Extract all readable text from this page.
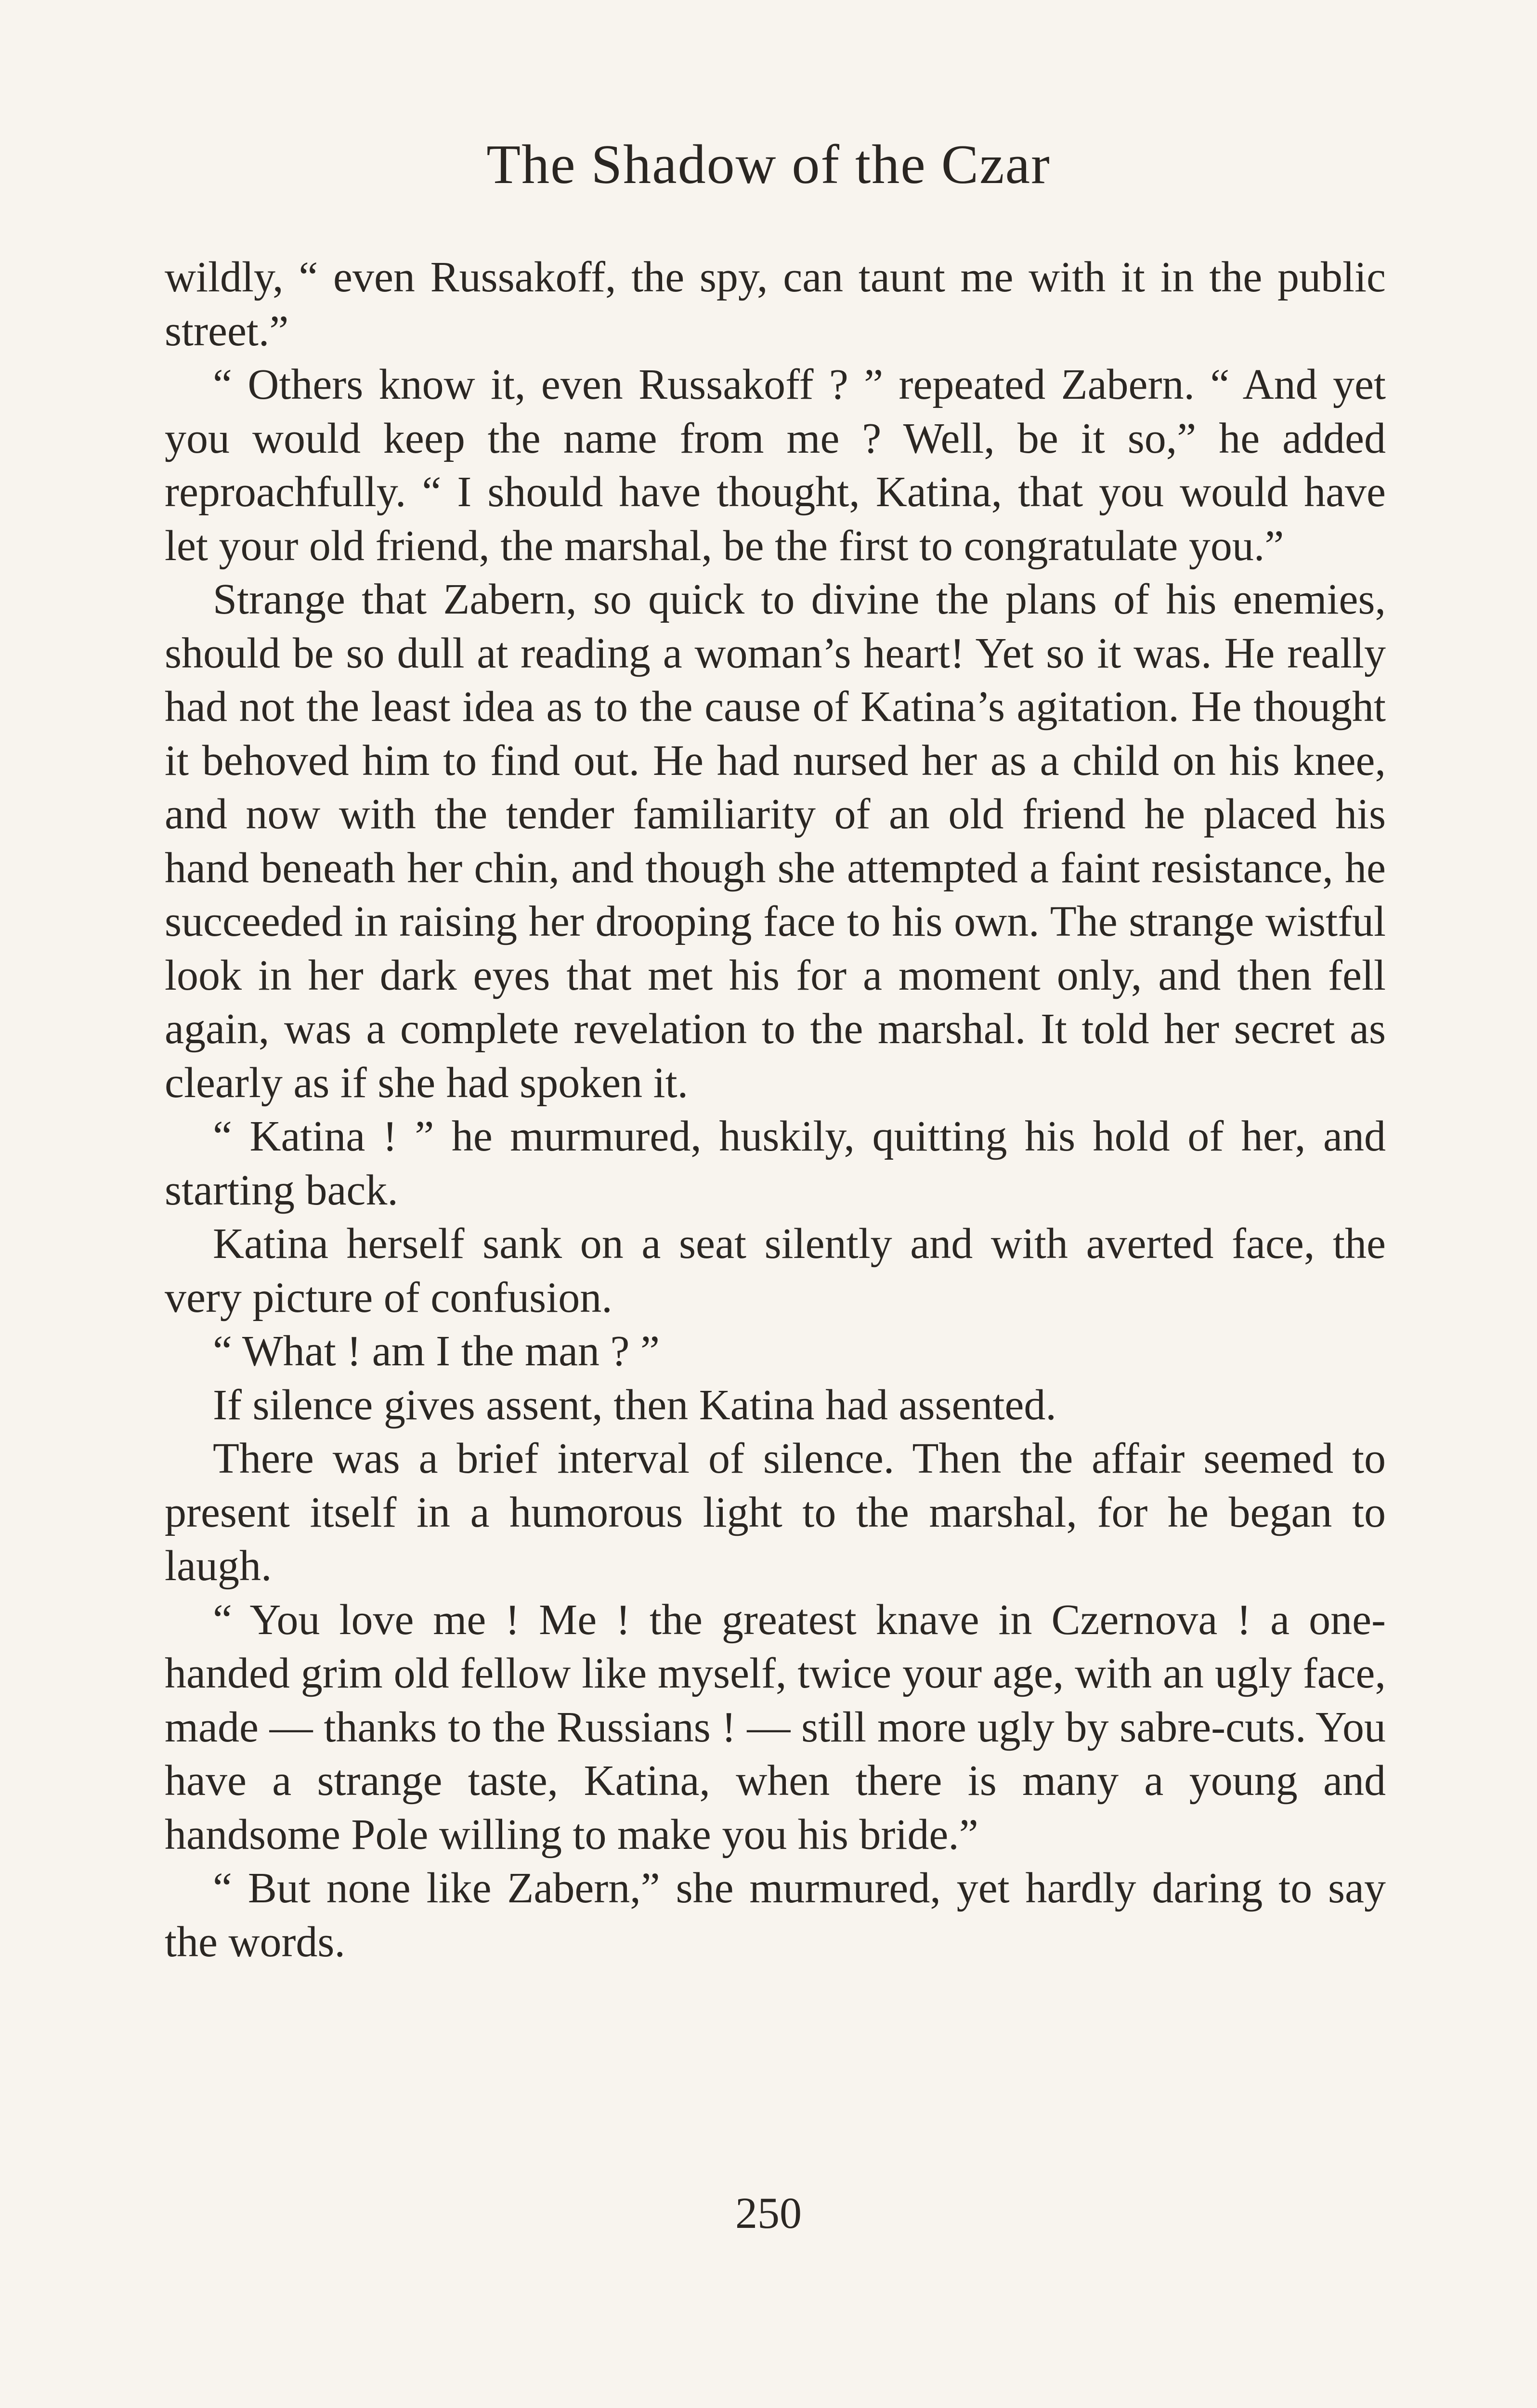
The Shadow of the Czar

wildly, “ even Russakoff, the spy, can taunt me with it in the public street.”

“ Others know it, even Russakoff ? ” repeated Zabern. “ And yet you would keep the name from me ? Well, be it so,” he added reproachfully. “ I should have thought, Katina, that you would have let your old friend, the marshal, be the first to congratulate you.”

Strange that Zabern, so quick to divine the plans of his enemies, should be so dull at reading a woman’s heart! Yet so it was. He really had not the least idea as to the cause of Katina’s agitation. He thought it behoved him to find out. He had nursed her as a child on his knee, and now with the tender familiarity of an old friend he placed his hand beneath her chin, and though she attempted a faint resistance, he succeeded in raising her drooping face to his own. The strange wistful look in her dark eyes that met his for a moment only, and then fell again, was a complete revelation to the marshal. It told her secret as clearly as if she had spoken it.

“ Katina ! ” he murmured, huskily, quitting his hold of her, and starting back.

Katina herself sank on a seat silently and with averted face, the very picture of confusion.

“ What ! am I the man ? ”

If silence gives assent, then Katina had assented.

There was a brief interval of silence. Then the affair seemed to present itself in a humorous light to the marshal, for he began to laugh.

“ You love me ! Me ! the greatest knave in Czernova ! a one-handed grim old fellow like myself, twice your age, with an ugly face, made — thanks to the Russians ! — still more ugly by sabre-cuts. You have a strange taste, Katina, when there is many a young and handsome Pole willing to make you his bride.”

“ But none like Zabern,” she murmured, yet hardly daring to say the words.

250
